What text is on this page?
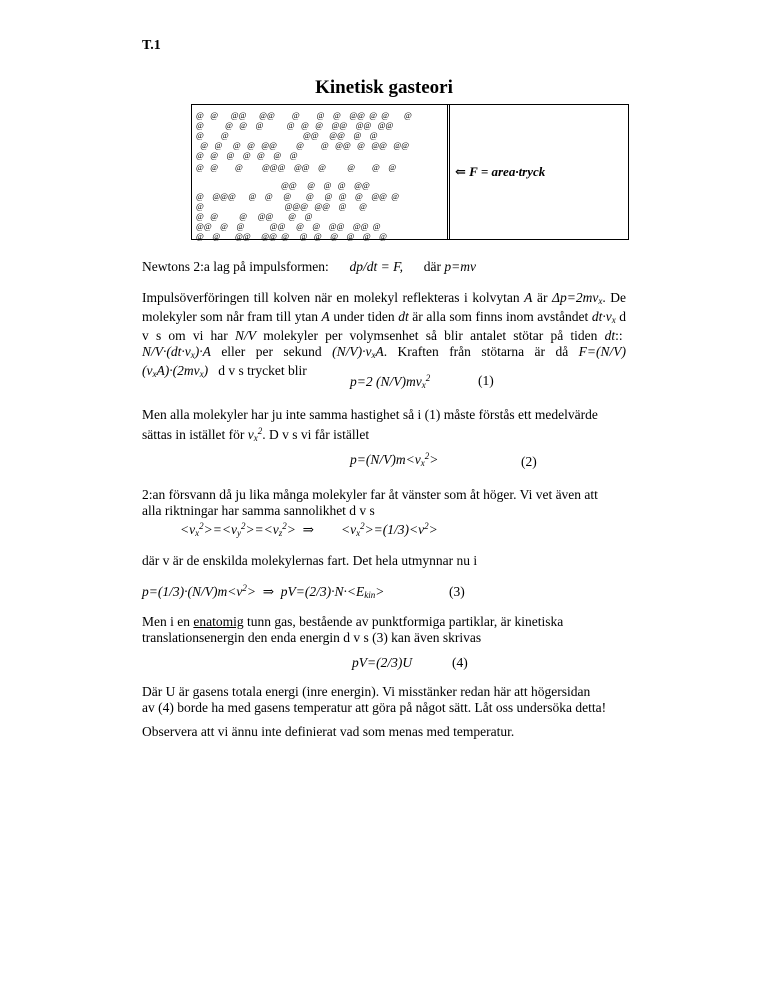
T.1
Kinetisk gasteori
@   @      @@      @@        @        @    @    @@  @  @       @
@          @   @    @           @   @   @    @@    @@   @@
@        @                                   @@     @@    @    @
@   @     @   @   @@         @        @   @@   @   @@   @@
@   @    @    @   @    @    @
@   @        @         @@@    @@    @          @        @    @
@@     @    @   @    @@
@    @@@      @    @     @       @     @   @    @    @@  @
@                                      @@@   @@    @      @
@   @          @     @@       @    @
@@    @    @            @@     @    @    @@    @@  @
@    @       @@     @@  @     @   @    @    @    @    @
⇐ F = area·tryck
Newtons 2:a lag på impulsformen: dp/dt = F, där p=mv
Impulsöverföringen till kolven när en molekyl reflekteras i kolvytan A är $\Delta p=2mv_x$. De molekyler som når fram till ytan A under tiden dt är alla som finns inom avståndet $dt\cdot v_x$ d v s om vi har N/V molekyler per volymsenhet så blir antalet stötar på tiden dt::  $N/V\cdot(dt\cdot v_x)\cdot A$ eller per sekund $(N/V)\cdot v_xA$. Kraften från stötarna är då $F=(N/V)(v_xA)\cdot(2mv_x)$ d v s trycket blir
p=2 $(N/V)mv_x^2$	(1)
Men alla molekyler har ju inte samma hastighet så i (1) måste förstås ett medelvärde
sättas in istället för $v_x^2$. D v s vi får istället
$p=(N/V)m<v_x^2>$	(2)
2:an försvann då ju lika många molekyler far åt vänster som åt höger. Vi vet även att
alla riktningar har samma sannolikhet d v s
$<v_x^2>=<v_y^2>=<v_z^2>$  ⇒        $<v_x^2>=(1/3)<v^2>$
där v är de enskilda molekylernas fart. Det hela utmynnar nu i
$p=(1/3)\cdot(N/V)m<v^2>$  ⇒  $pV=(2/3)\cdot N\cdot<E_{kin}>$	(3)
Men i en enatomig tunn gas, bestående av punktformiga partiklar, är kinetiska
translationsenergin den enda energin d v s (3) kan även skrivas
pV=(2/3)U	(4)
Där U är gasens totala energi (inre energin). Vi misstänker redan här att högersidan
av (4) borde ha med gasens temperatur att göra på något sätt. Låt oss undersöka detta!
Observera att vi ännu inte definierat vad som menas med temperatur.
